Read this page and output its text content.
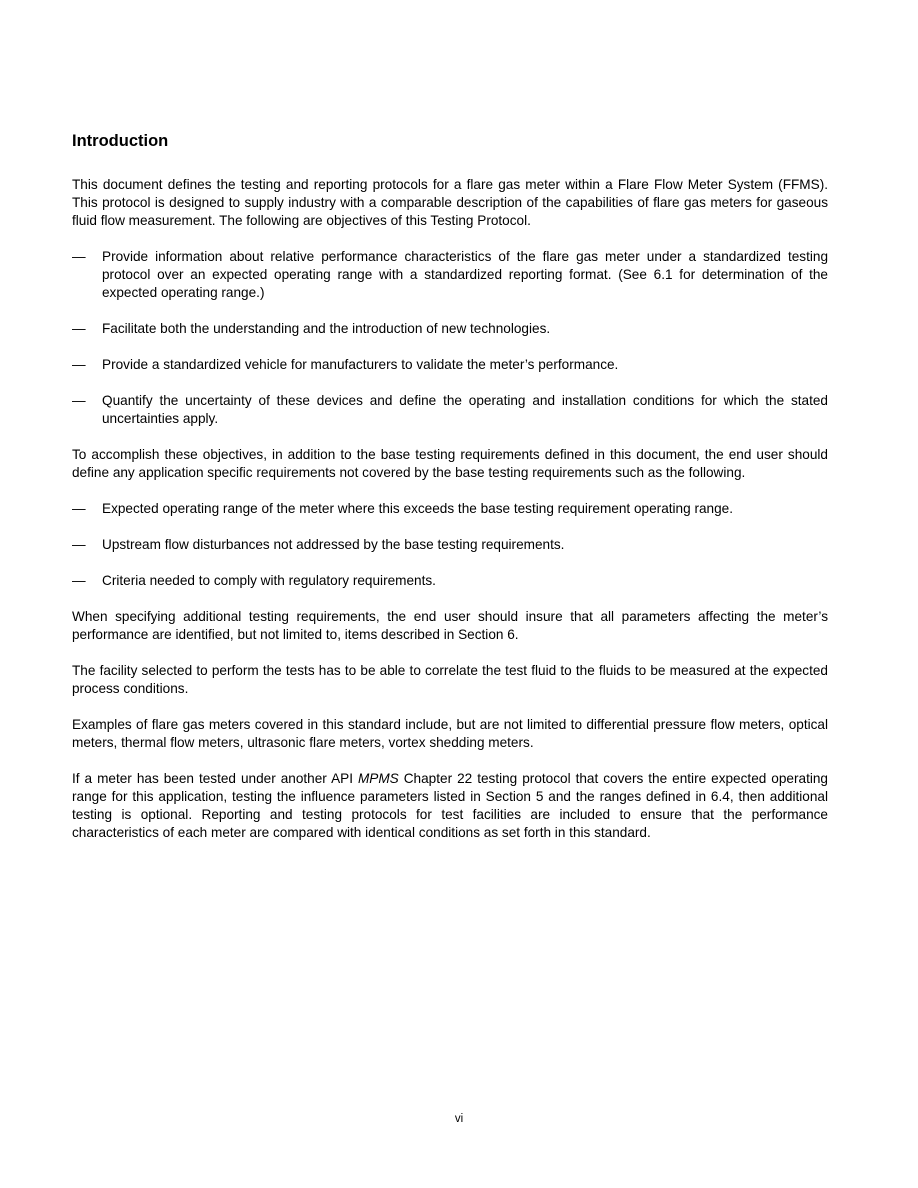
Introduction

This document defines the testing and reporting protocols for a flare gas meter within a Flare Flow Meter System (FFMS). This protocol is designed to supply industry with a comparable description of the capabilities of flare gas meters for gaseous fluid flow measurement. The following are objectives of this Testing Protocol.

— Provide information about relative performance characteristics of the flare gas meter under a standardized testing protocol over an expected operating range with a standardized reporting format. (See 6.1 for determination of the expected operating range.)
— Facilitate both the understanding and the introduction of new technologies.
— Provide a standardized vehicle for manufacturers to validate the meter’s performance.
— Quantify the uncertainty of these devices and define the operating and installation conditions for which the stated uncertainties apply.

To accomplish these objectives, in addition to the base testing requirements defined in this document, the end user should define any application specific requirements not covered by the base testing requirements such as the following.

— Expected operating range of the meter where this exceeds the base testing requirement operating range.
— Upstream flow disturbances not addressed by the base testing requirements.
— Criteria needed to comply with regulatory requirements.

When specifying additional testing requirements, the end user should insure that all parameters affecting the meter’s performance are identified, but not limited to, items described in Section 6.

The facility selected to perform the tests has to be able to correlate the test fluid to the fluids to be measured at the expected process conditions.

Examples of flare gas meters covered in this standard include, but are not limited to differential pressure flow meters, optical meters, thermal flow meters, ultrasonic flare meters, vortex shedding meters.

If a meter has been tested under another API MPMS Chapter 22 testing protocol that covers the entire expected operating range for this application, testing the influence parameters listed in Section 5 and the ranges defined in 6.4, then additional testing is optional. Reporting and testing protocols for test facilities are included to ensure that the performance characteristics of each meter are compared with identical conditions as set forth in this standard.

vi
